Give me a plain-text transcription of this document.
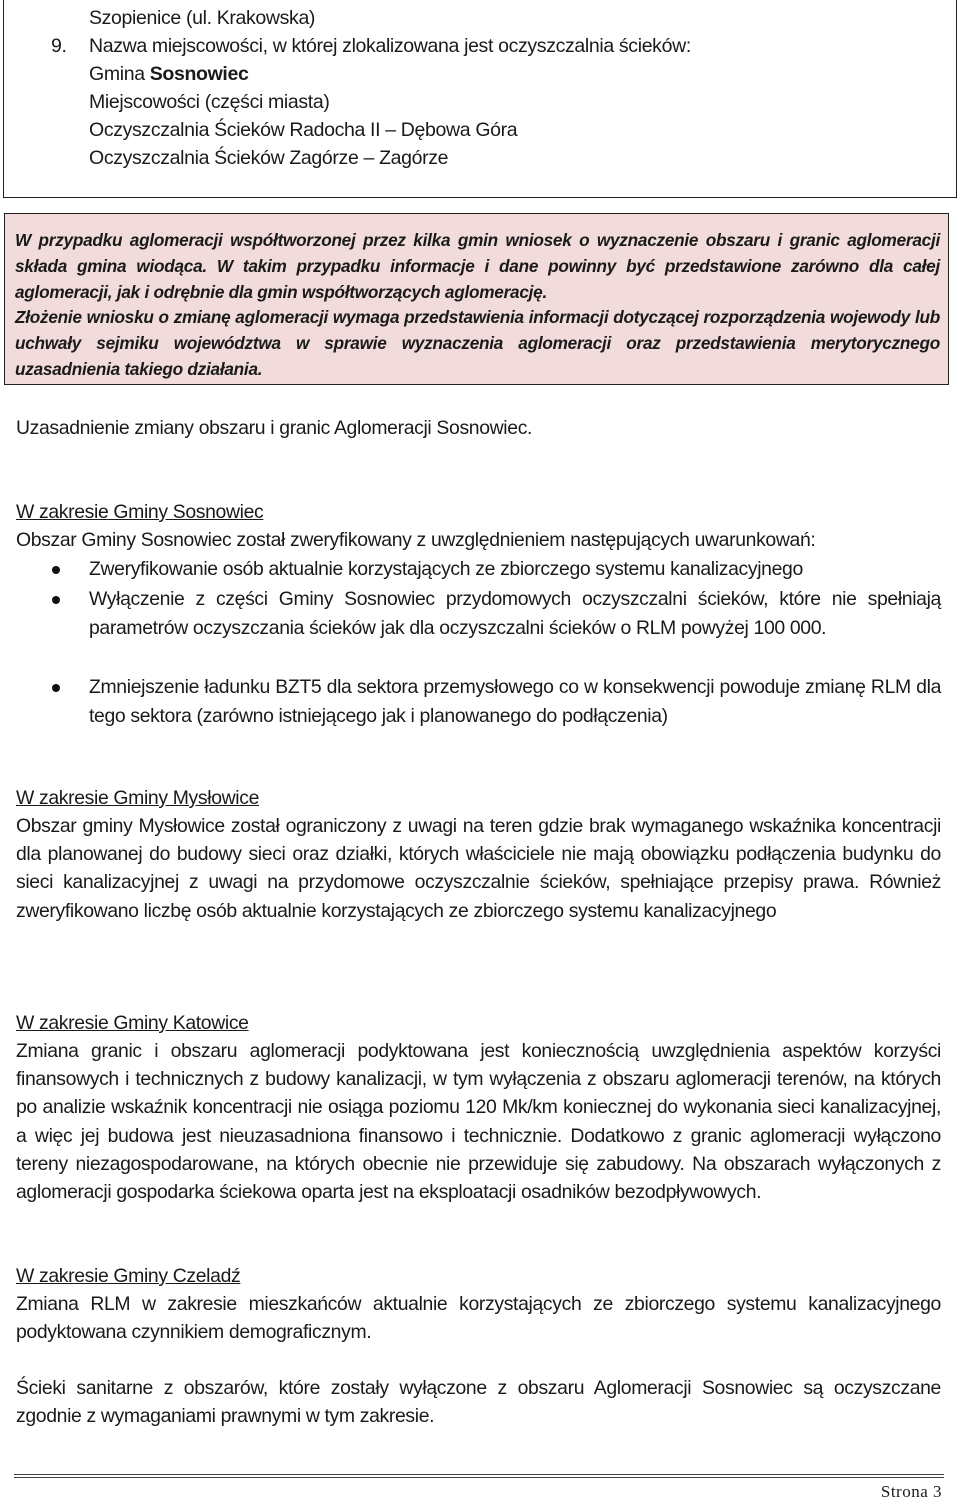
Szopienice (ul. Krakowska)
9. Nazwa miejscowości, w której zlokalizowana jest oczyszczalnia ścieków:
Gmina Sosnowiec
Miejscowości (części miasta)
Oczyszczalnia Ścieków Radocha II – Dębowa Góra
Oczyszczalnia Ścieków Zagórze – Zagórze
W przypadku aglomeracji współtworzonej przez kilka gmin wniosek o wyznaczenie obszaru i granic aglomeracji składa gmina wiodąca. W takim przypadku informacje i dane powinny być przedstawione zarówno dla całej aglomeracji, jak i odrębnie dla gmin współtworzących aglomerację.
Złożenie wniosku o zmianę aglomeracji wymaga przedstawienia informacji dotyczącej rozporządzenia wojewody lub uchwały sejmiku województwa w sprawie wyznaczenia aglomeracji oraz przedstawienia merytorycznego uzasadnienia takiego działania.
Uzasadnienie zmiany obszaru i granic Aglomeracji Sosnowiec.
W zakresie Gminy Sosnowiec
Obszar Gminy Sosnowiec został zweryfikowany z uwzględnieniem następujących uwarunkowań:
Zweryfikowanie osób aktualnie korzystających ze zbiorczego systemu kanalizacyjnego
Wyłączenie z części Gminy Sosnowiec przydomowych oczyszczalni ścieków, które nie spełniają parametrów oczyszczania ścieków jak dla oczyszczalni ścieków o RLM powyżej 100 000.
Zmniejszenie ładunku BZT5 dla sektora przemysłowego co w konsekwencji powoduje zmianę RLM dla tego sektora (zarówno istniejącego jak i planowanego do podłączenia)
W zakresie Gminy Mysłowice
Obszar gminy Mysłowice został ograniczony z uwagi na teren gdzie brak wymaganego wskaźnika koncentracji dla planowanej do budowy sieci oraz działki, których właściciele nie mają obowiązku podłączenia budynku do sieci kanalizacyjnej z uwagi na przydomowe oczyszczalnie ścieków, spełniające przepisy prawa. Również zweryfikowano liczbę osób aktualnie korzystających ze zbiorczego systemu kanalizacyjnego
W zakresie Gminy Katowice
Zmiana granic i obszaru aglomeracji podyktowana jest koniecznością uwzględnienia aspektów korzyści finansowych i technicznych z budowy kanalizacji, w tym wyłączenia z obszaru aglomeracji terenów, na których po analizie wskaźnik koncentracji nie osiąga poziomu 120 Mk/km koniecznej do wykonania sieci kanalizacyjnej, a więc jej budowa jest nieuzasadniona finansowo i technicznie. Dodatkowo z granic aglomeracji wyłączono tereny niezagospodarowane, na których obecnie nie przewiduje się zabudowy. Na obszarach wyłączonych z aglomeracji gospodarka ściekowa oparta jest na eksploatacji osadników bezodpływowych.
W zakresie Gminy Czeladź
Zmiana RLM w zakresie mieszkańców aktualnie korzystających ze zbiorczego systemu kanalizacyjnego podyktowana czynnikiem demograficznym.
Ścieki sanitarne z obszarów, które zostały wyłączone z obszaru Aglomeracji Sosnowiec są oczyszczane zgodnie z wymaganiami prawnymi w tym zakresie.
Strona 3
